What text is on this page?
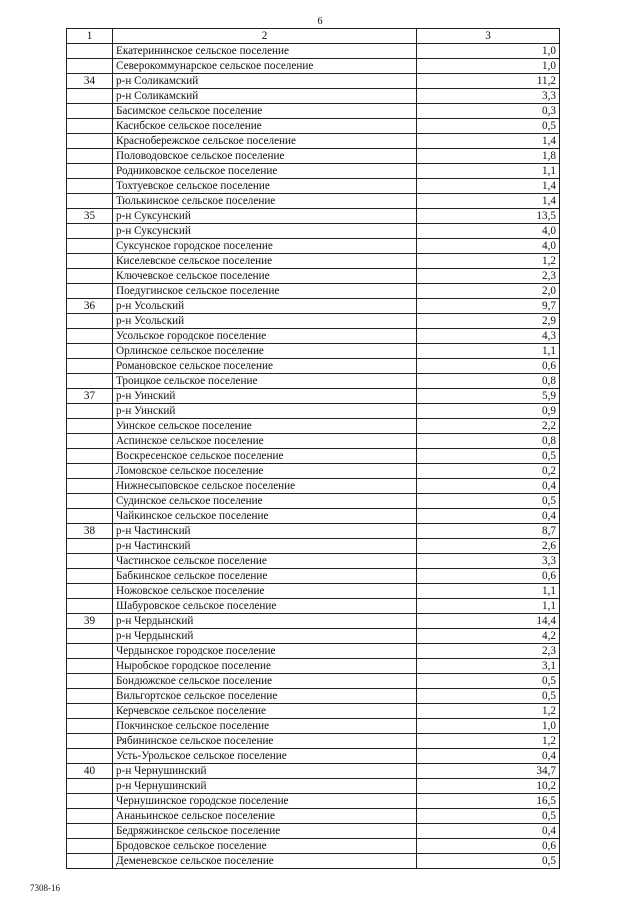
6
1	2	3
	Екатерининское сельское поселение	1,0
	Северокоммунарское сельское поселение	1,0
34	р-н Соликамский	11,2
	р-н Соликамский	3,3
	Басимское сельское поселение	0,3
	Касибское сельское поселение	0,5
	Краснобережское сельское поселение	1,4
	Половодовское сельское поселение	1,8
	Родниковское сельское поселение	1,1
	Тохтуевское сельское поселение	1,4
	Тюлькинское сельское поселение	1,4
35	р-н Суксунский	13,5
	р-н Суксунский	4,0
	Суксунское городское поселение	4,0
	Киселевское сельское поселение	1,2
	Ключевское сельское поселение	2,3
	Поедугинское сельское поселение	2,0
36	р-н Усольский	9,7
	р-н Усольский	2,9
	Усольское городское поселение	4,3
	Орлинское сельское поселение	1,1
	Романовское сельское поселение	0,6
	Троицкое сельское поселение	0,8
37	р-н Уинский	5,9
	р-н Уинский	0,9
	Уинское сельское поселение	2,2
	Аспинское сельское поселение	0,8
	Воскресенское сельское поселение	0,5
	Ломовское сельское поселение	0,2
	Нижнесыповское сельское поселение	0,4
	Судинское сельское поселение	0,5
	Чайкинское сельское поселение	0,4
38	р-н Частинский	8,7
	р-н Частинский	2,6
	Частинское сельское поселение	3,3
	Бабкинское сельское поселение	0,6
	Ножовское сельское поселение	1,1
	Шабуровское сельское поселение	1,1
39	р-н Чердынский	14,4
	р-н Чердынский	4,2
	Чердынское городское поселение	2,3
	Ныробское городское поселение	3,1
	Бондюжское сельское поселение	0,5
	Вильгортское сельское поселение	0,5
	Керчевское сельское поселение	1,2
	Покчинское сельское поселение	1,0
	Рябининское сельское поселение	1,2
	Усть-Урольское сельское поселение	0,4
40	р-н Чернушинский	34,7
	р-н Чернушинский	10,2
	Чернушинское городское поселение	16,5
	Ананьинское сельское поселение	0,5
	Бедряжинское сельское поселение	0,4
	Бродовское сельское поселение	0,6
	Деменевское сельское поселение	0,5
7308-16
